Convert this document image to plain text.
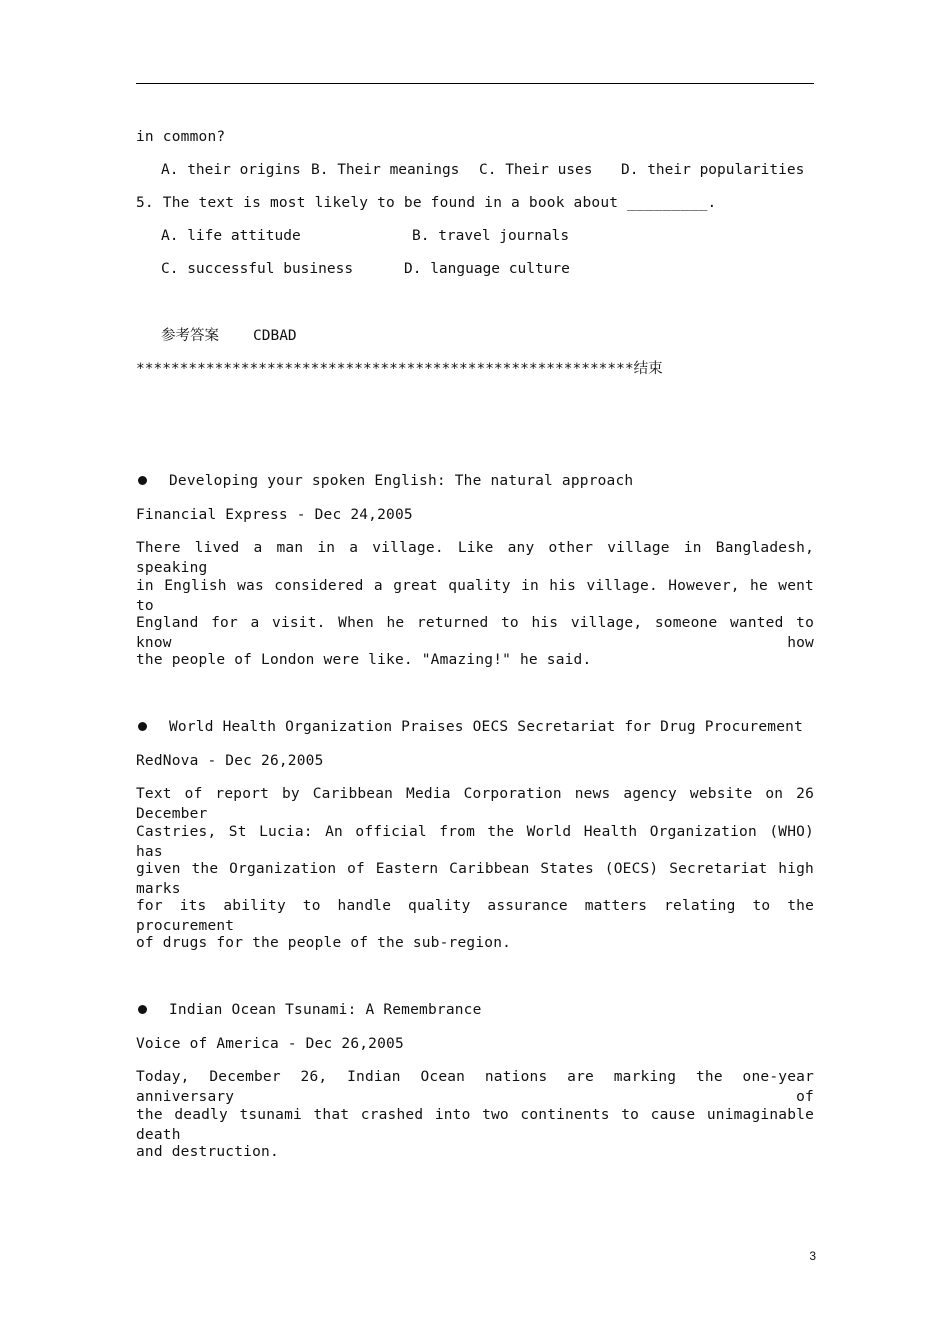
in common?
A. their origins B. Their meanings C. Their uses D. their popularities
5. The text is most likely to be found in a book about _________.
A. life attitude	B. travel journals
C. successful business	D. language culture
参考答案 CDBAD
*********************************************************结束
Developing your spoken English: The natural approach
Financial Express - Dec 24,2005
There lived a man in a village. Like any other village in Bangladesh, speaking
in English was considered a great quality in his village. However, he went to
England for a visit. When he returned to his village, someone wanted to know how
the people of London were like. "Amazing!" he said.
World Health Organization Praises OECS Secretariat for Drug Procurement
RedNova - Dec 26,2005
Text of report by Caribbean Media Corporation news agency website on 26 December
Castries, St Lucia: An official from the World Health Organization (WHO) has
given the Organization of Eastern Caribbean States (OECS) Secretariat high marks
for its ability to handle quality assurance matters relating to the procurement
of drugs for the people of the sub-region.
Indian Ocean Tsunami: A Remembrance
Voice of America - Dec 26,2005
Today, December 26, Indian Ocean nations are marking the one-year anniversary of
the deadly tsunami that crashed into two continents to cause unimaginable death
and destruction.
3
